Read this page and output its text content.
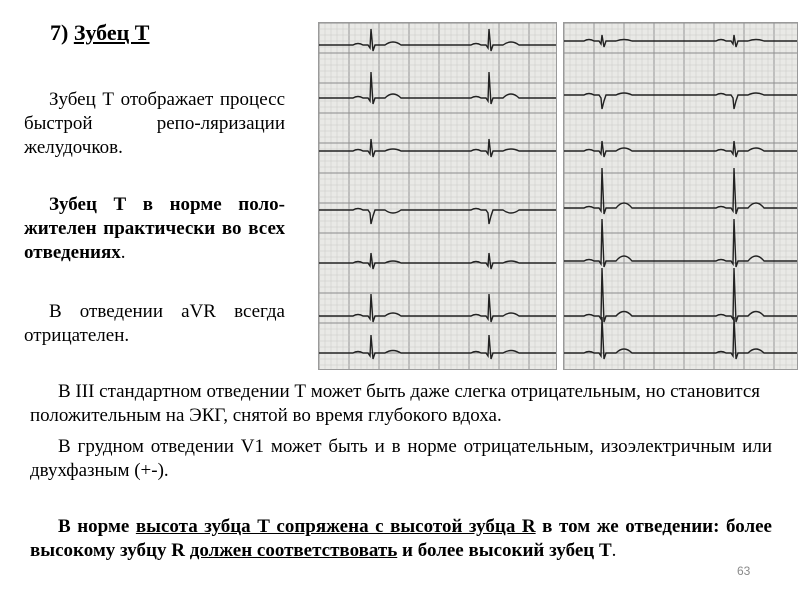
7) Зубец Т

Зубец Т отображает процесс быстрой репо-ляризации желудочков.

Зубец Т в норме поло-жителен практически во всех отведениях.

В отведении aVR всегда отрицателен.

В III стандартном отведении Т может быть даже слегка отрицательным, но становится положительным на ЭКГ, снятой во время глубокого вдоха.

В грудном отведении V1 может быть и в норме отрицательным, изоэлектричным или двухфазным (+-).

В норме высота зубца Т сопряжена с высотой зубца R в том же отведении: более высокому зубцу R должен соответствовать и более высокий зубец Т.

63
